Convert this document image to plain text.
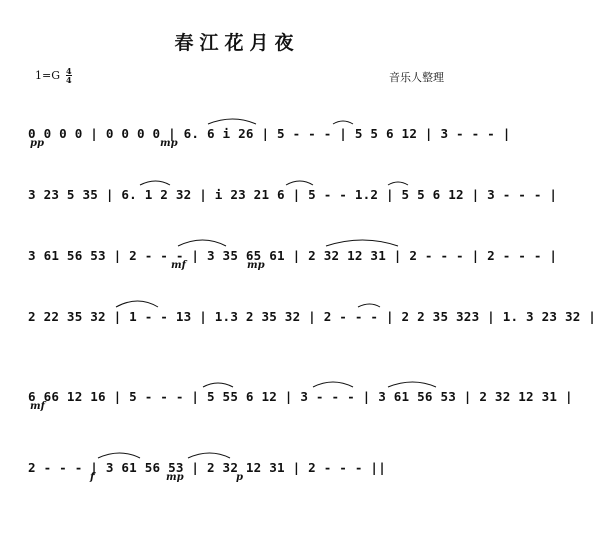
春江花月夜
$1=G \frac{4}{4}$	音乐人整理
0 0 0 0 | 0 0 0 0 | 6. 6 i 26 | 5 - - - | 5 5 6 12 | 3 - - - |
pp	mp
3 23 5 35 | 6. 1 2 32 | i 23 21 6 | 5 - - 1.2 | 5 5 6 12 | 3 - - - |
3 61 56 53 | 2 - - - | 3 35 65 61 | 2 32 12 31 | 2 - - - | 2 - - - |
mf	mp
2 22 35 32 | 1 - - 13 | 1.3 2 35 32 | 2 - - - | 2 2 35 323 | 1. 3 23 32 |
6 66 12 16 | 5 - - - | 5 55 6 12 | 3 - - - | 3 61 56 53 | 2 32 12 31 |
mf
2 - - - | 3 61 56 53 | 2 32 12 31 | 2 - - - ||
f	mp	p
